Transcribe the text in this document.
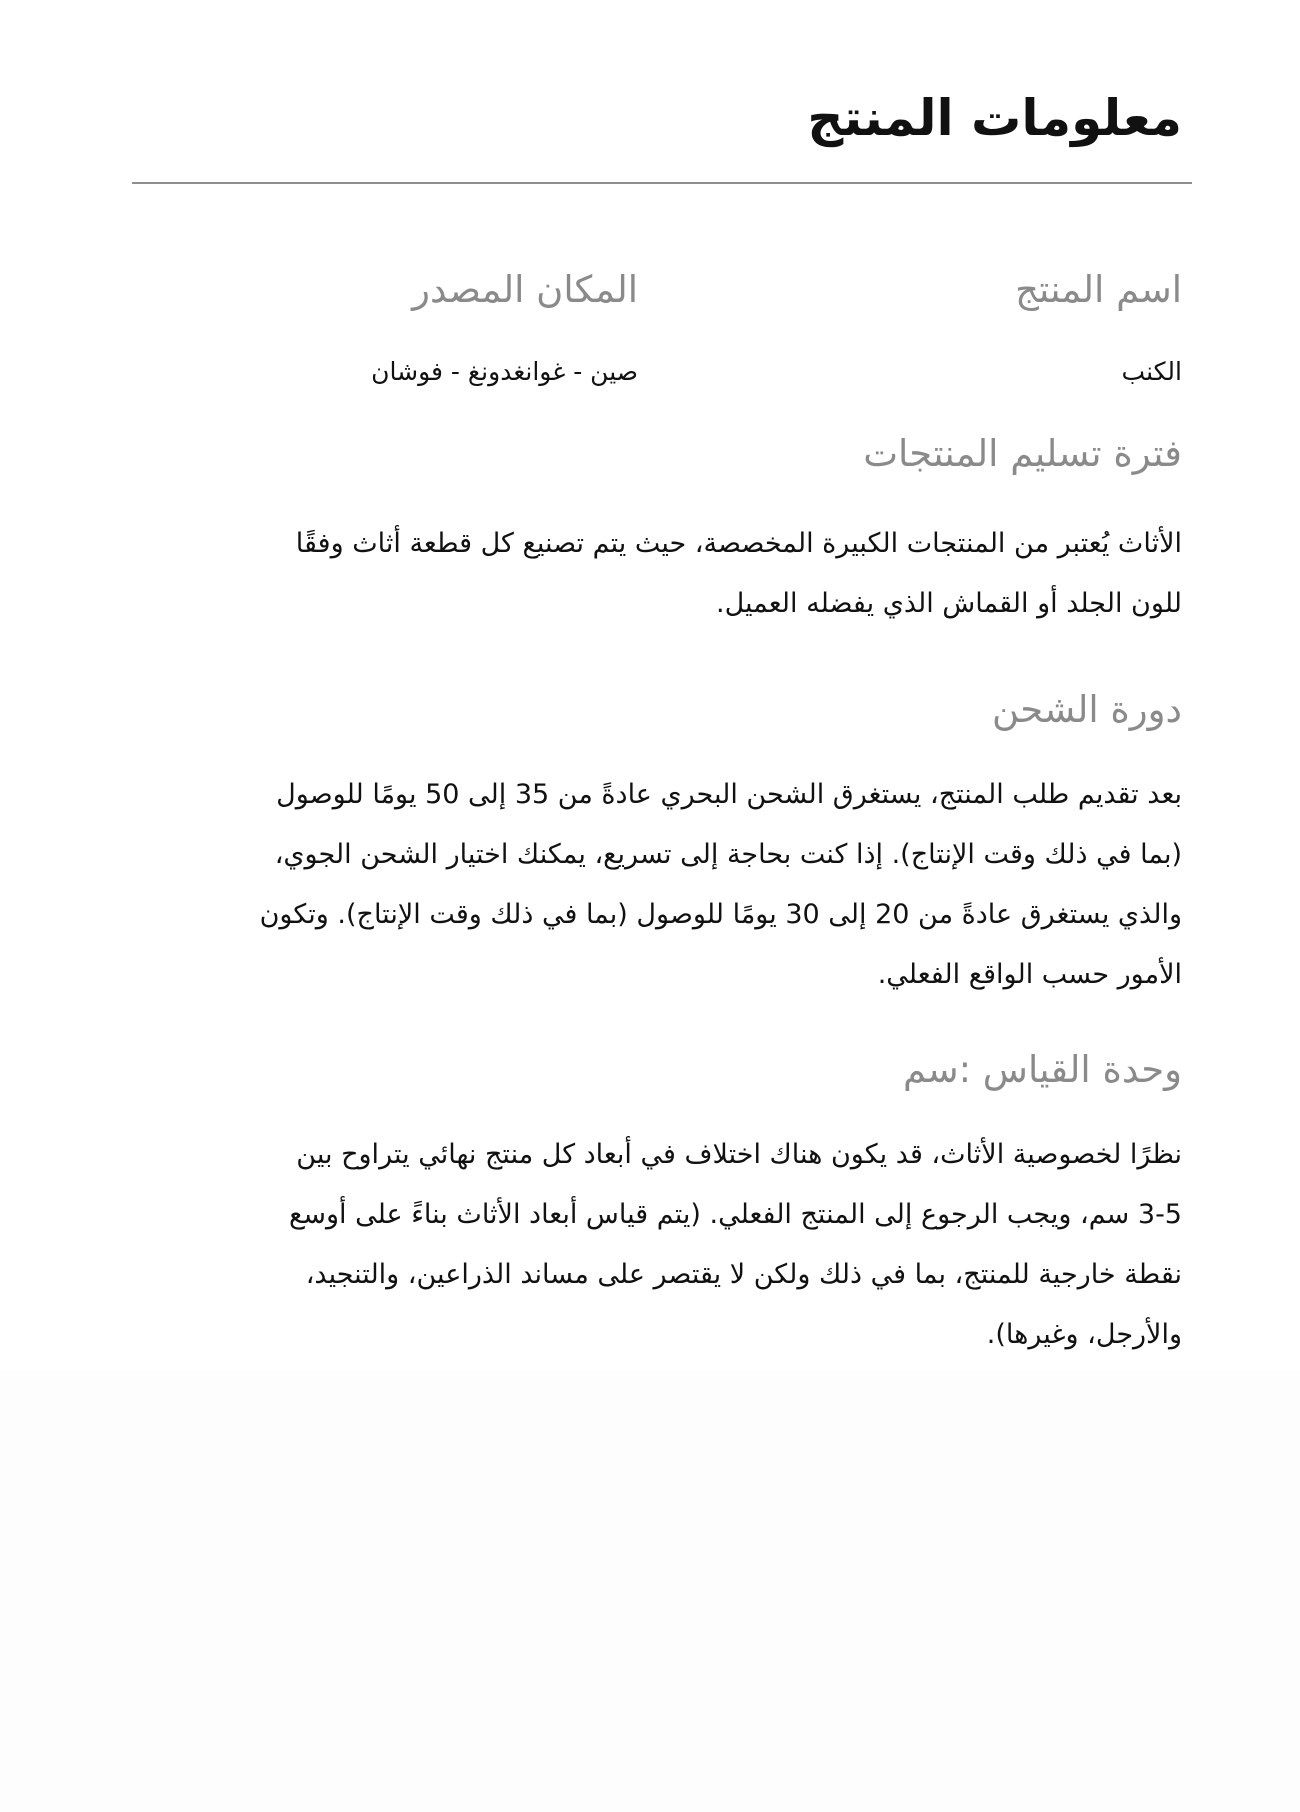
معلومات المنتج
اسم المنتج
المكان المصدر

الكنب

صين - غوانغدونغ - فوشان

فترة تسليم المنتجات
الأثاث يُعتبر من المنتجات الكبيرة المخصصة، حيث يتم تصنيع كل قطعة أثاث وفقًا
للون الجلد أو القماش الذي يفضله العميل.
دورة الشحن
بعد تقديم طلب المنتج، يستغرق الشحن البحري عادةً من 35 إلى 50 يومًا للوصول
(بما في ذلك وقت الإنتاج). إذا كنت بحاجة إلى تسريع، يمكنك اختيار الشحن الجوي،
والذي يستغرق عادةً من 20 إلى 30 يومًا للوصول (بما في ذلك وقت الإنتاج). وتكون
الأمور حسب الواقع الفعلي.
وحدة القياس :سم
نظرًا لخصوصية الأثاث، قد يكون هناك اختلاف في أبعاد كل منتج نهائي يتراوح بين
3-5 سم، ويجب الرجوع إلى المنتج الفعلي. (يتم قياس أبعاد الأثاث بناءً على أوسع
نقطة خارجية للمنتج، بما في ذلك ولكن لا يقتصر على مساند الذراعين، والتنجيد،
والأرجل، وغيرها).
